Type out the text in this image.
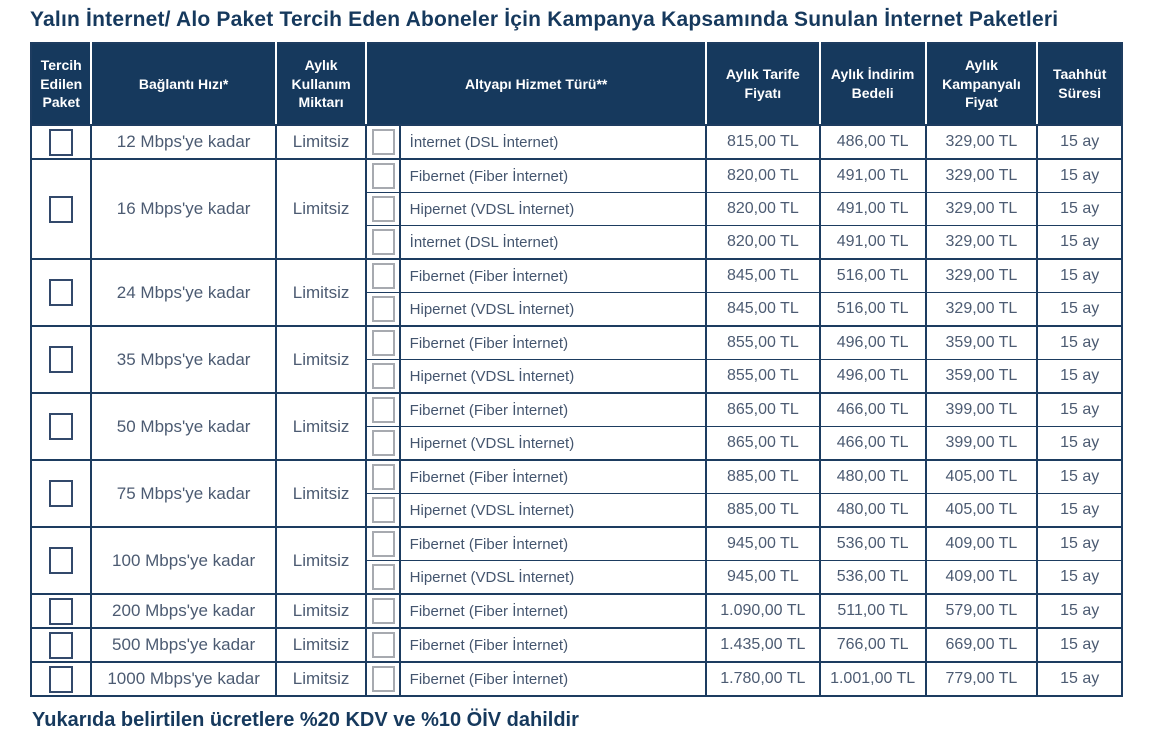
Yalın İnternet/ Alo Paket Tercih Eden Aboneler İçin Kampanya Kapsamında Sunulan İnternet Paketleri
Tercih Edilen Paket	Bağlantı Hızı*	Aylık Kullanım Miktarı	Altyapı Hizmet Türü**		Aylık Tarife Fiyatı	Aylık İndirim Bedeli	Aylık Kampanyalı Fiyat	Taahhüt Süresi

	12 Mbps'ye kadar	Limitsiz		İnternet (DSL İnternet)	815,00 TL	486,00 TL	329,00 TL	15 ay

	16 Mbps'ye kadar	Limitsiz		Fibernet (Fiber İnternet)	820,00 TL	491,00 TL	329,00 TL	15 ay

				Hipernet (VDSL İnternet)	820,00 TL	491,00 TL	329,00 TL	15 ay

				İnternet (DSL İnternet)	820,00 TL	491,00 TL	329,00 TL	15 ay

	24 Mbps'ye kadar	Limitsiz		Fibernet (Fiber İnternet)	845,00 TL	516,00 TL	329,00 TL	15 ay

				Hipernet (VDSL İnternet)	845,00 TL	516,00 TL	329,00 TL	15 ay

	35 Mbps'ye kadar	Limitsiz		Fibernet (Fiber İnternet)	855,00 TL	496,00 TL	359,00 TL	15 ay

				Hipernet (VDSL İnternet)	855,00 TL	496,00 TL	359,00 TL	15 ay

	50 Mbps'ye kadar	Limitsiz		Fibernet (Fiber İnternet)	865,00 TL	466,00 TL	399,00 TL	15 ay

				Hipernet (VDSL İnternet)	865,00 TL	466,00 TL	399,00 TL	15 ay

	75 Mbps'ye kadar	Limitsiz		Fibernet (Fiber İnternet)	885,00 TL	480,00 TL	405,00 TL	15 ay

				Hipernet (VDSL İnternet)	885,00 TL	480,00 TL	405,00 TL	15 ay

	100 Mbps'ye kadar	Limitsiz		Fibernet (Fiber İnternet)	945,00 TL	536,00 TL	409,00 TL	15 ay

				Hipernet (VDSL İnternet)	945,00 TL	536,00 TL	409,00 TL	15 ay

	200 Mbps'ye kadar	Limitsiz		Fibernet (Fiber İnternet)	1.090,00 TL	511,00 TL	579,00 TL	15 ay

	500 Mbps'ye kadar	Limitsiz		Fibernet (Fiber İnternet)	1.435,00 TL	766,00 TL	669,00 TL	15 ay

	1000 Mbps'ye kadar	Limitsiz		Fibernet (Fiber İnternet)	1.780,00 TL	1.001,00 TL	779,00 TL	15 ay
Yukarıda belirtilen ücretlere %20 KDV ve %10 ÖİV dahildir
